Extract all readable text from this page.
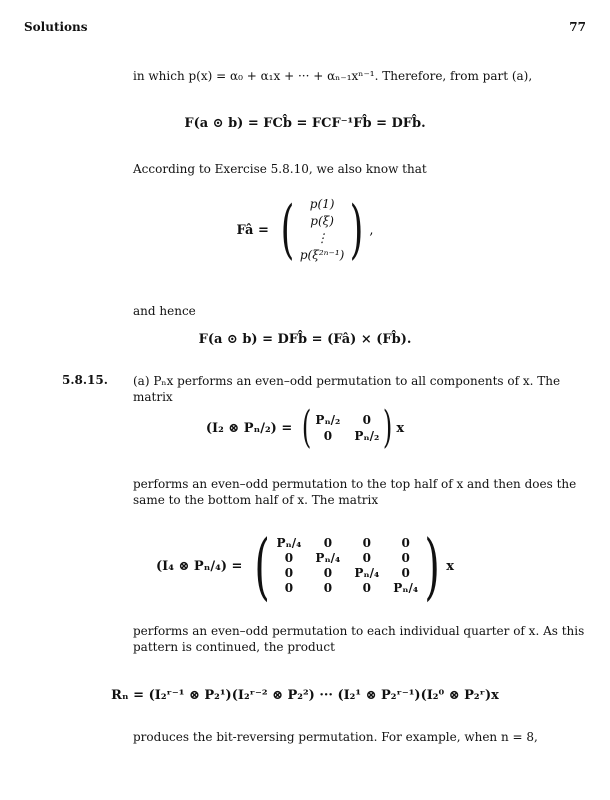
Solutions	77
in which p(x) = α₀ + α₁x + ··· + αₙ₋₁xⁿ⁻¹. Therefore, from part (a),
F(a ⊙ b) = FCb̂ = FCF⁻¹Fb̂ = DFb̂.
According to Exercise 5.8.10, we also know that
Fâ = (	p(1)
p(ξ)
⋮
p(ξ²ⁿ⁻¹) ) ,
and hence
F(a ⊙ b) = DFb̂ = (Fâ) × (Fb̂).
5.8.15. (a) Pₙx performs an even–odd permutation to all components of x. The matrix
(I₂ ⊗ Pₙ/₂) = ( Pₙ/₂	0
0	Pₙ/₂ ) x
performs an even–odd permutation to the top half of x and then does the same to the bottom half of x. The matrix
(I₄ ⊗ Pₙ/₄) = ( Pₙ/₄	0	0	0
0	Pₙ/₄	0	0
0	0	Pₙ/₄	0
0	0	0	Pₙ/₄ ) x
performs an even–odd permutation to each individual quarter of x. As this pattern is continued, the product
Rₙ = (I₂ʳ⁻¹ ⊗ P₂¹)(I₂ʳ⁻² ⊗ P₂²) ··· (I₂¹ ⊗ P₂ʳ⁻¹)(I₂⁰ ⊗ P₂ʳ)x
produces the bit-reversing permutation. For example, when n = 8,
